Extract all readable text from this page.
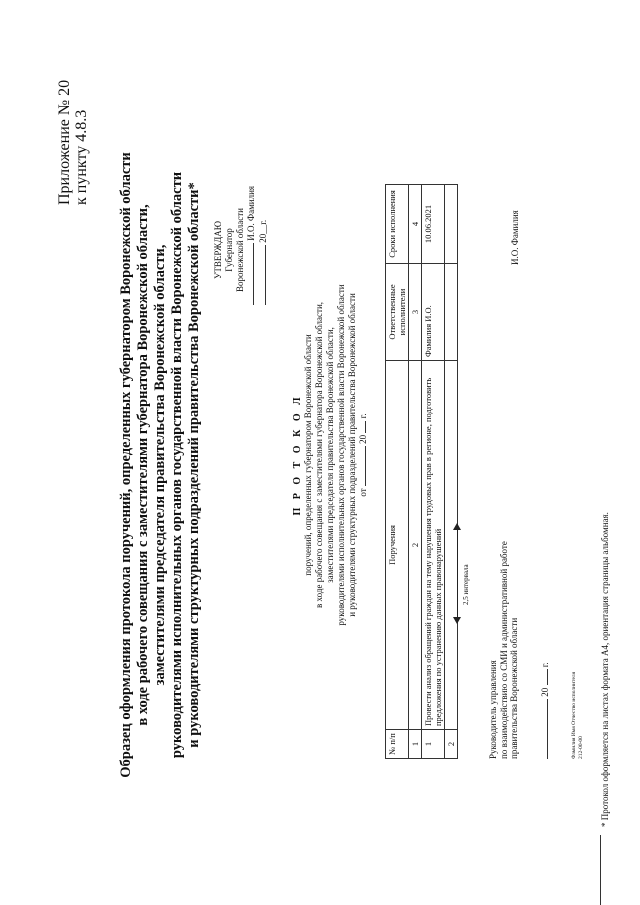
Приложение № 20 к пункту 4.8.3 Образец оформления протокола поручений, определенных губернатором Воронежской области в ходе рабочего совещания с заместителями губернатора Воронежской области, заместителями председателя правительства Воронежской области, руководителями исполнительных органов государственной власти Воронежской области и руководителями структурных подразделений правительства Воронежской области* УТВЕРЖДАЮ Губернатор Воронежской области И.О. Фамилия 20__г.
П Р О Т О К О Л поручений, определенных губернатором Воронежской области в ходе рабочего совещания с заместителями губернатора Воронежской области, заместителями председателя правительства Воронежской области, руководителями исполнительных органов государственной власти Воронежской области и руководителями структурных подразделений правительства Воронежской области от  20  г.
№ п/п	Поручения	Ответственные исполнители	Сроки исполнения
1	2	3	4
1	Провести анализ обращений граждан на тему нарушения трудовых прав в регионе, подготовить предложения по устранению данных правонарушений	Фамилия И.О.	10.06.2021
2			
2,5 интервала
Руководитель управления по взаимодействию со СМИ и административной работе правительства Воронежской области
И.О. Фамилия
20  г.
Фамилия Имя Отчество исполнителя 212-00-00 * Протокол оформляется на листах формата А4, ориентация страницы альбомная.
